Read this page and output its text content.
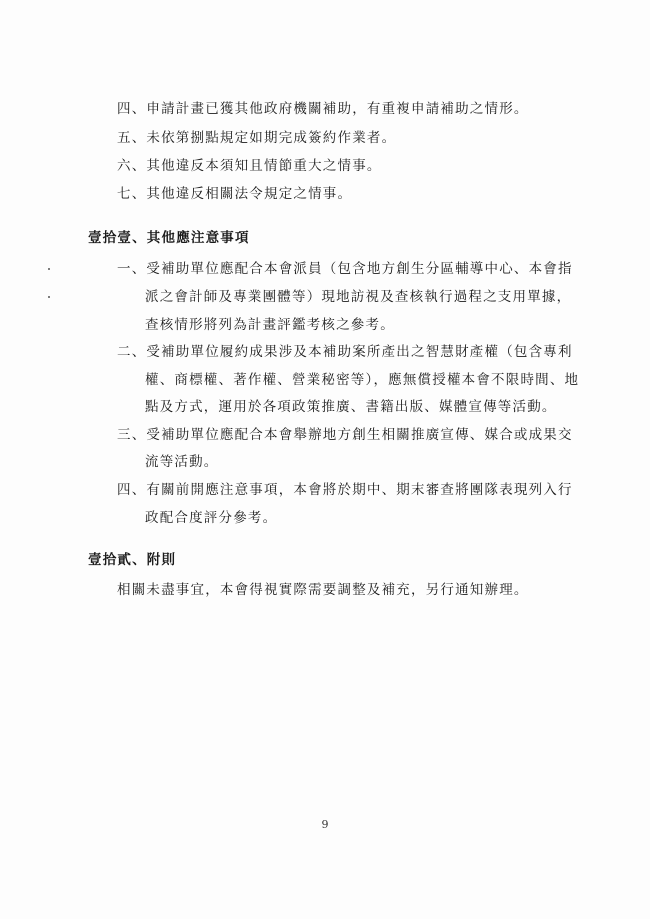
四、申請計畫已獲其他政府機關補助，有重複申請補助之情形。
五、未依第捌點規定如期完成簽約作業者。
六、其他違反本須知且情節重大之情事。
七、其他違反相關法令規定之情事。
壹拾壹、其他應注意事項
一、受補助單位應配合本會派員（包含地方創生分區輔導中心、本會指
派之會計師及專業團體等）現地訪視及查核執行過程之支用單據，
查核情形將列為計畫評鑑考核之參考。
二、受補助單位履約成果涉及本補助案所產出之智慧財產權（包含專利
權、商標權、著作權、營業秘密等），應無償授權本會不限時間、地
點及方式，運用於各項政策推廣、書籍出版、媒體宣傳等活動。
三、受補助單位應配合本會舉辦地方創生相關推廣宣傳、媒合或成果交
流等活動。
四、有關前開應注意事項，本會將於期中、期末審查將團隊表現列入行
政配合度評分參考。
壹拾貳、附則
相關未盡事宜，本會得視實際需要調整及補充，另行通知辦理。
9
